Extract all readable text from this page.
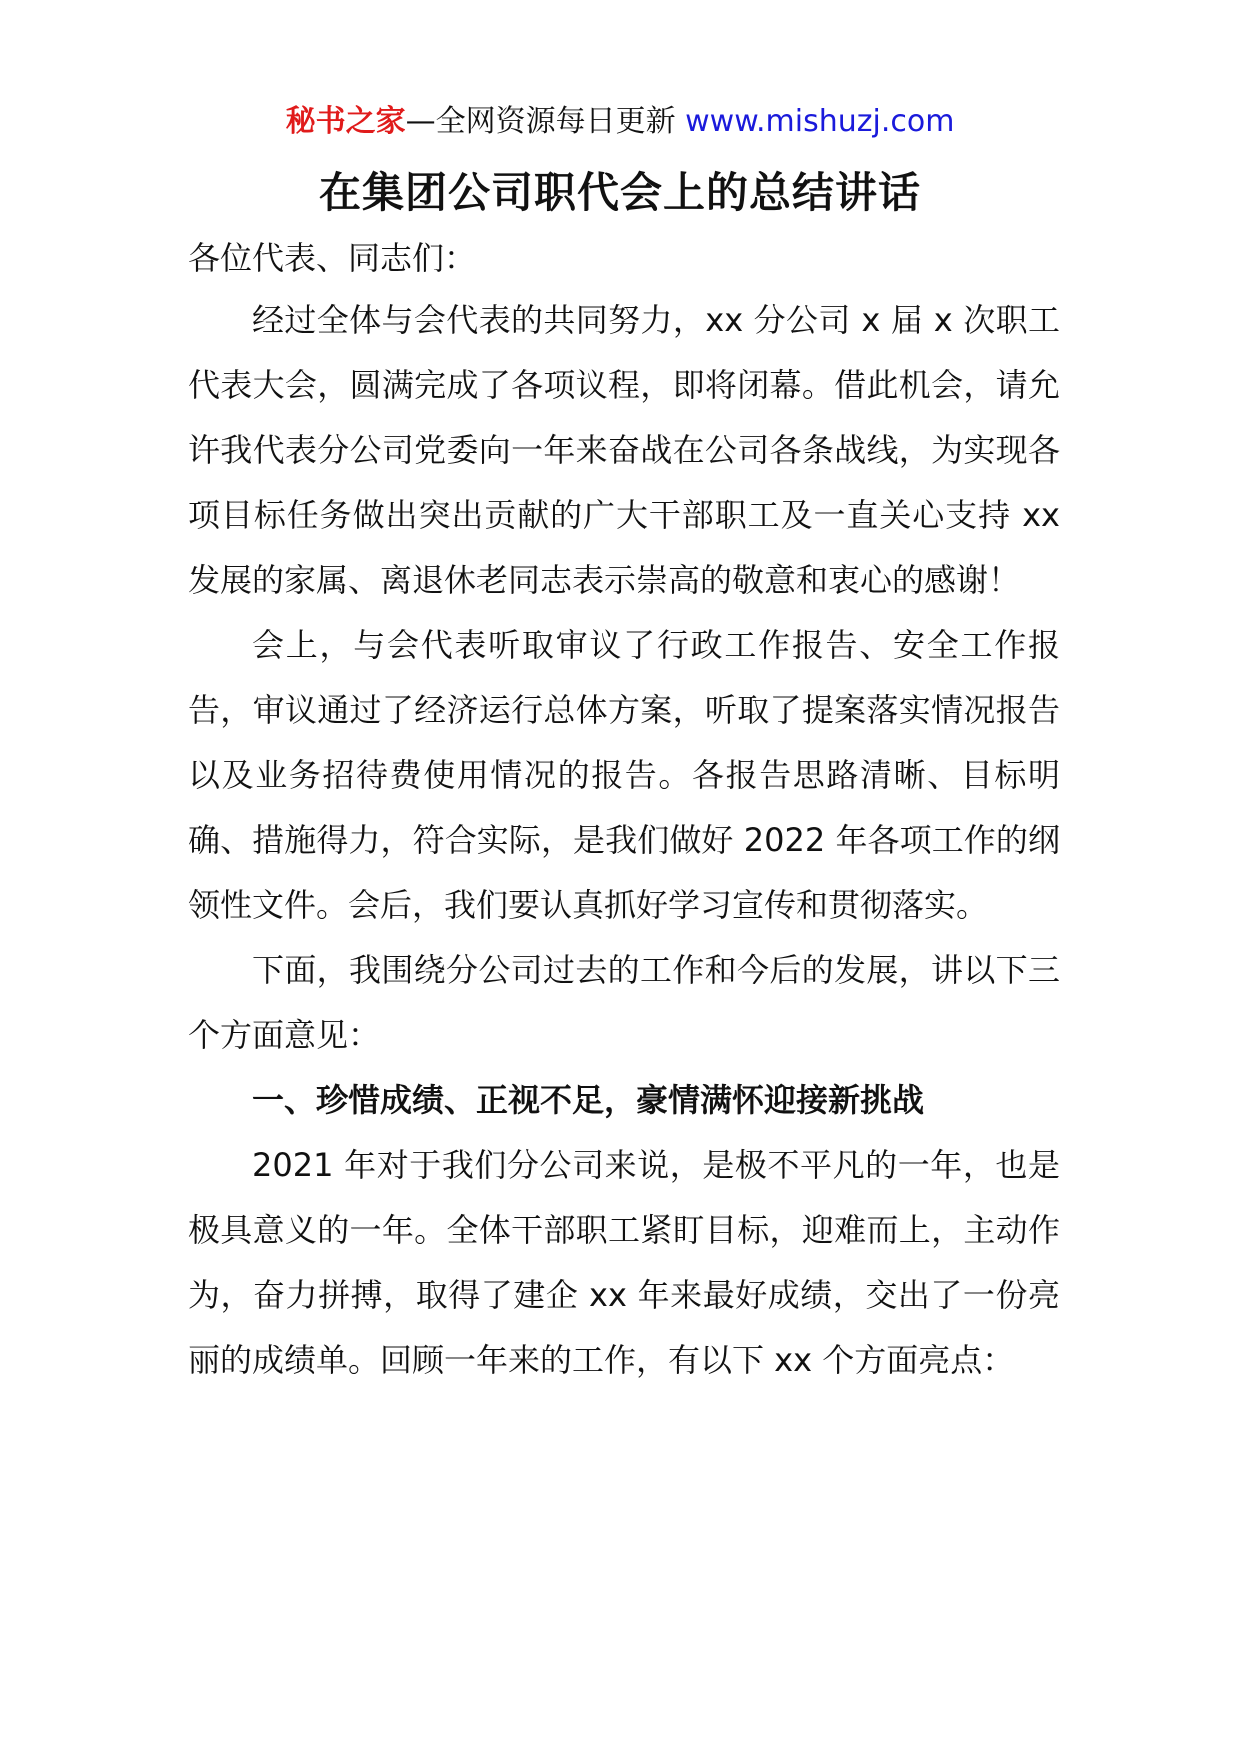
秘书之家—全网资源每日更新 www.mishuzj.com
在集团公司职代会上的总结讲话

各位代表、同志们：

经过全体与会代表的共同努力，xx 分公司 x 届 x 次职工代表大会，圆满完成了各项议程，即将闭幕。借此机会，请允许我代表分公司党委向一年来奋战在公司各条战线，为实现各项目标任务做出突出贡献的广大干部职工及一直关心支持 xx 发展的家属、离退休老同志表示崇高的敬意和衷心的感谢！

会上，与会代表听取审议了行政工作报告、安全工作报告，审议通过了经济运行总体方案，听取了提案落实情况报告以及业务招待费使用情况的报告。各报告思路清晰、目标明确、措施得力，符合实际，是我们做好 2022 年各项工作的纲领性文件。会后，我们要认真抓好学习宣传和贯彻落实。

下面，我围绕分公司过去的工作和今后的发展，讲以下三个方面意见：

一、珍惜成绩、正视不足，豪情满怀迎接新挑战

2021 年对于我们分公司来说，是极不平凡的一年，也是极具意义的一年。全体干部职工紧盯目标，迎难而上，主动作为，奋力拼搏，取得了建企 xx 年来最好成绩，交出了一份亮丽的成绩单。回顾一年来的工作，有以下 xx 个方面亮点：
